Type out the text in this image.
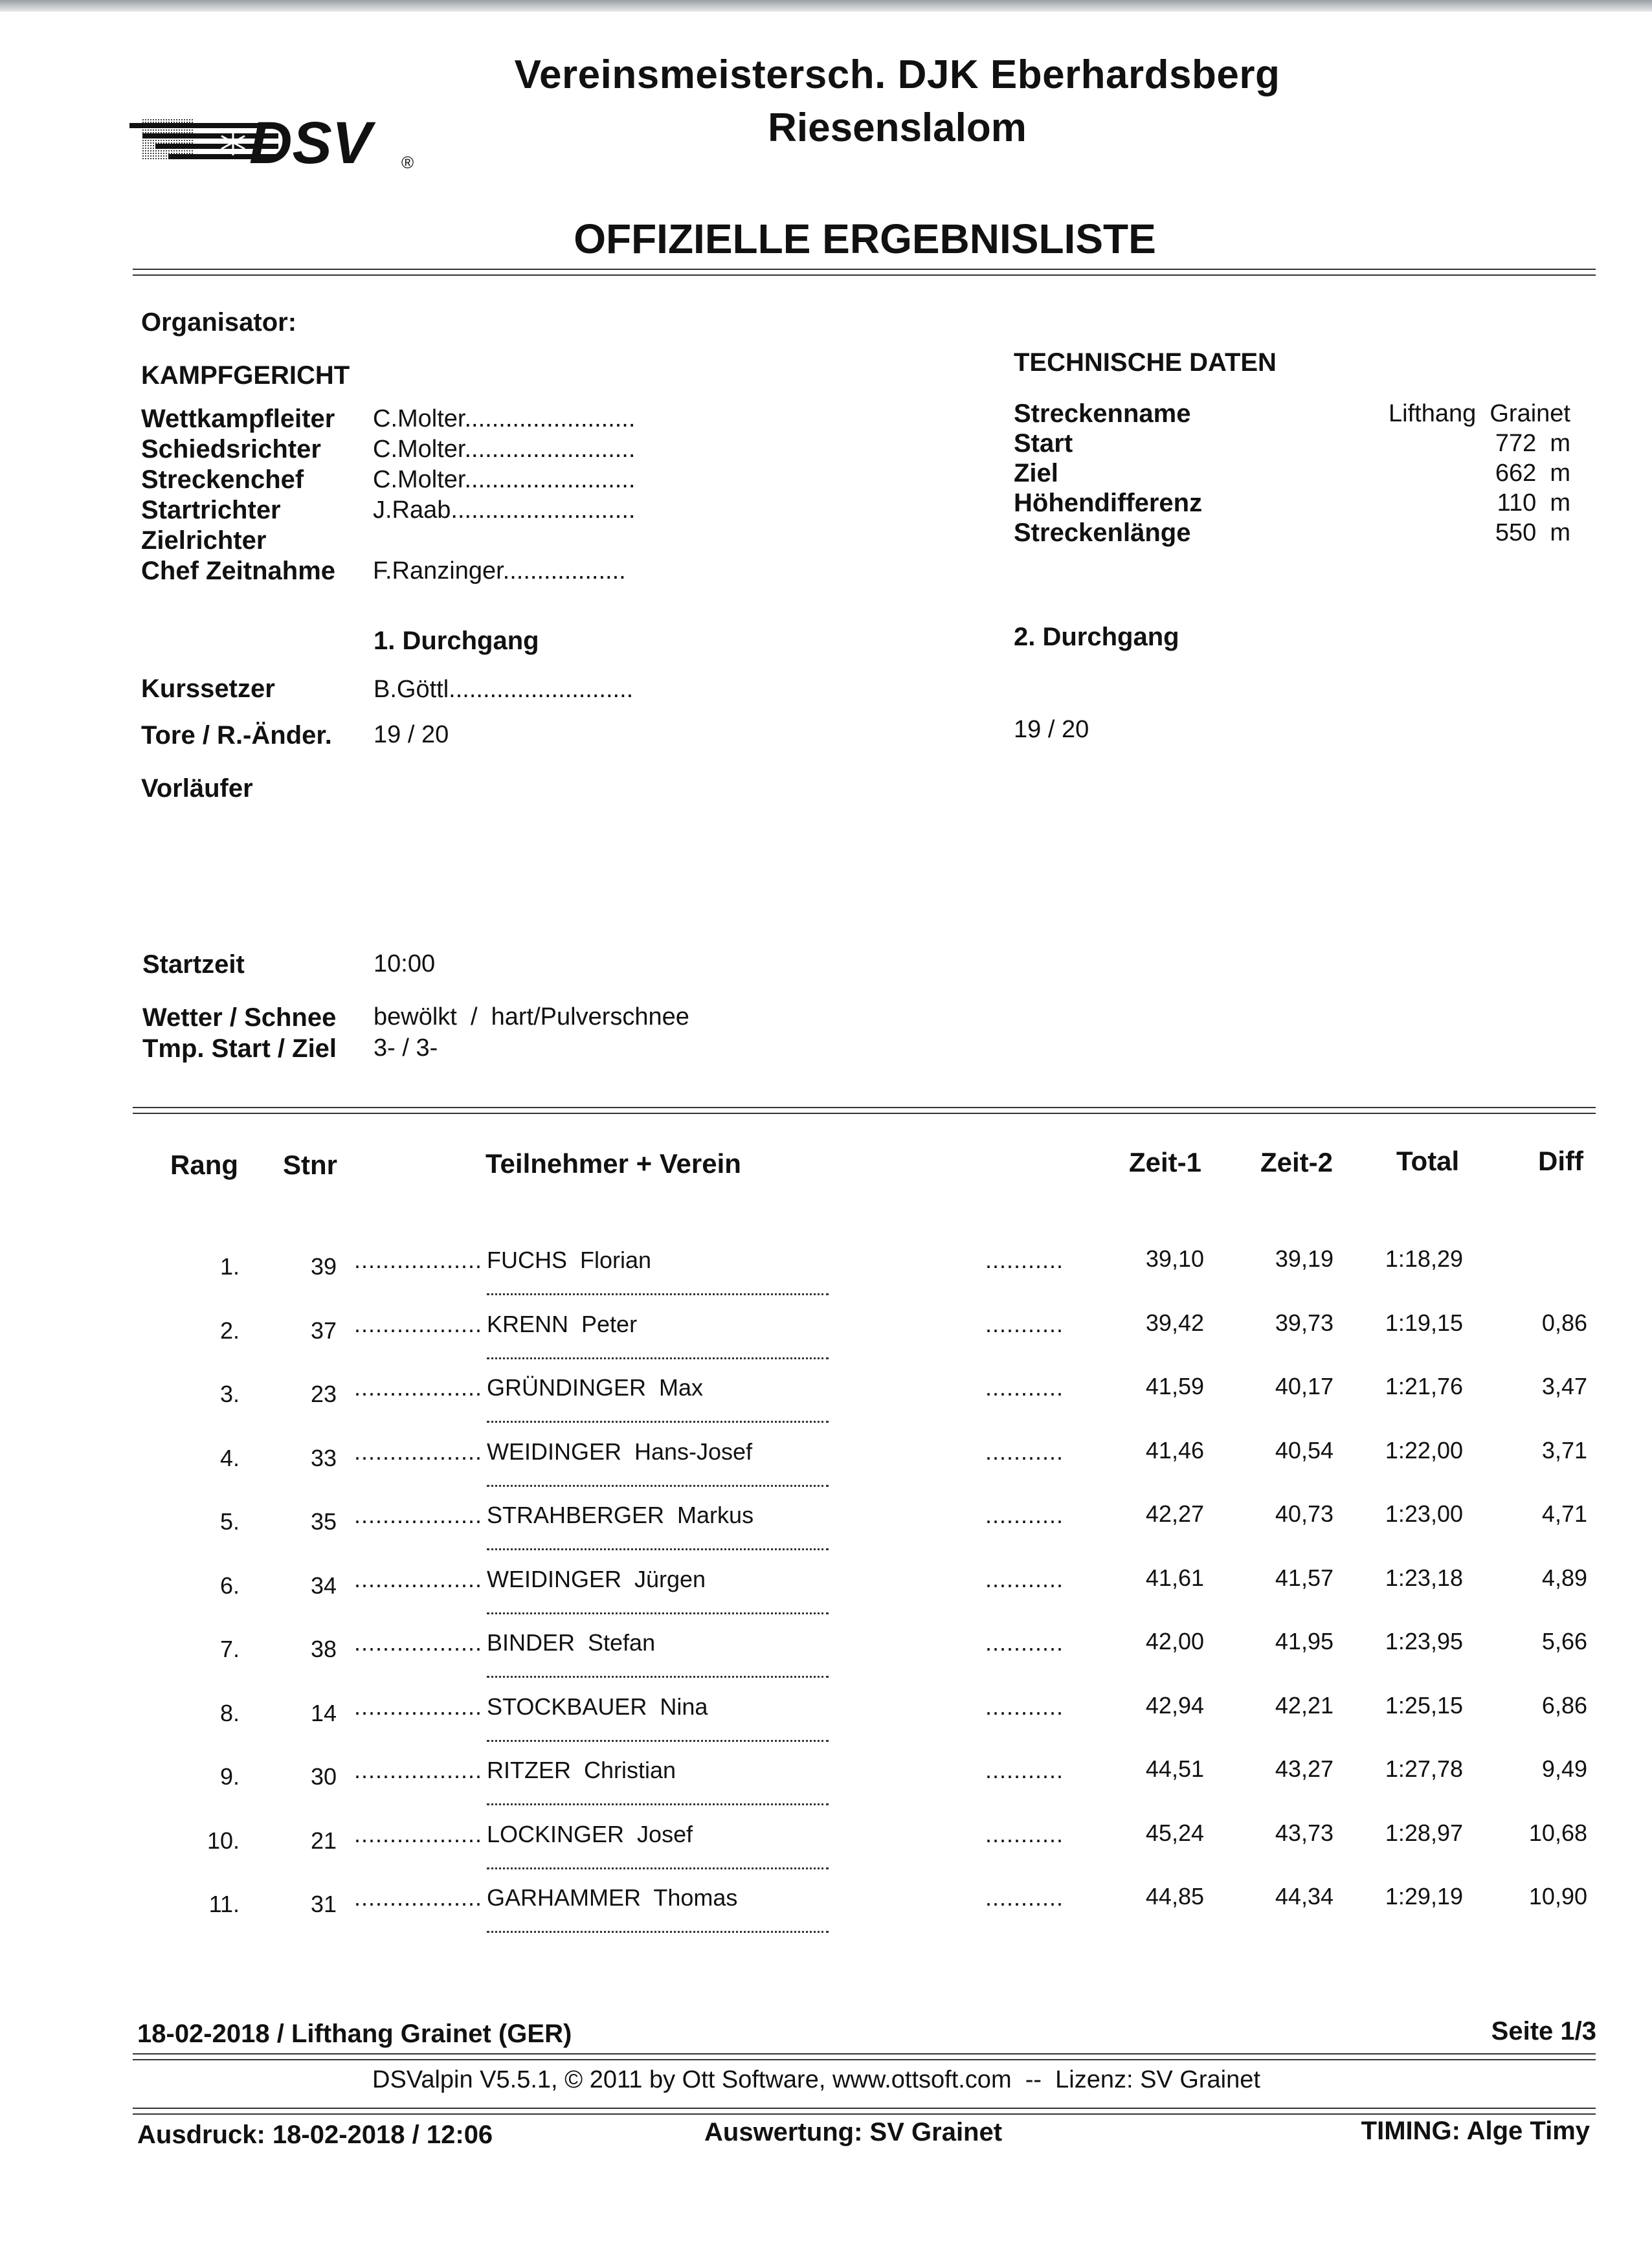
DSV ®
Vereinsmeistersch. DJK Eberhardsberg
Riesenslalom
OFFIZIELLE ERGEBNISLISTE
Organisator:
KAMPFGERICHT
Wettkampfleiter	C.Molter.........................
Schiedsrichter	C.Molter.........................
Streckenchef	C.Molter.........................
Startrichter	J.Raab...........................
Zielrichter
Chef Zeitnahme	F.Ranzinger..................
TECHNISCHE DATEN
Streckenname	Lifthang  Grainet
Start	772  m
Ziel	662  m
Höhendifferenz	110  m
Streckenlänge	550  m
1. Durchgang	2. Durchgang
Kurssetzer	B.Göttl...........................
Tore / R.-Änder. 19 / 20	19 / 20
Vorläufer
Startzeit	10:00
Wetter / Schnee bewölkt  /  hart/Pulverschnee
Tmp. Start / Ziel 3- / 3-
Rang Stnr	Teilnehmer + Verein	Zeit-1 Zeit-2 Total	Diff
1.	39 .................. FUCHS  Florian	...........	39,10	39,19	1:18,29
2.	37 .................. KRENN  Peter	...........	39,42	39,73	1:19,15	0,86
3.	23 .................. GRÜNDINGER  Max	...........	41,59	40,17	1:21,76	3,47
4.	33 .................. WEIDINGER  Hans-Josef	...........	41,46	40,54	1:22,00	3,71
5.	35 .................. STRAHBERGER  Markus	...........	42,27	40,73	1:23,00	4,71
6.	34 .................. WEIDINGER  Jürgen	...........	41,61	41,57	1:23,18	4,89
7.	38 .................. BINDER  Stefan	...........	42,00	41,95	1:23,95	5,66
8.	14 .................. STOCKBAUER  Nina	...........	42,94	42,21	1:25,15	6,86
9.	30 .................. RITZER  Christian	...........	44,51	43,27	1:27,78	9,49
10.	21 .................. LOCKINGER  Josef	...........	45,24	43,73	1:28,97	10,68
11.	31 .................. GARHAMMER  Thomas	...........	44,85	44,34	1:29,19	10,90
18-02-2018 / Lifthang Grainet (GER)	Seite 1/3
DSValpin V5.5.1, © 2011 by Ott Software, www.ottsoft.com  --  Lizenz: SV Grainet
Ausdruck: 18-02-2018 / 12:06	Auswertung: SV Grainet	TIMING: Alge Timy
